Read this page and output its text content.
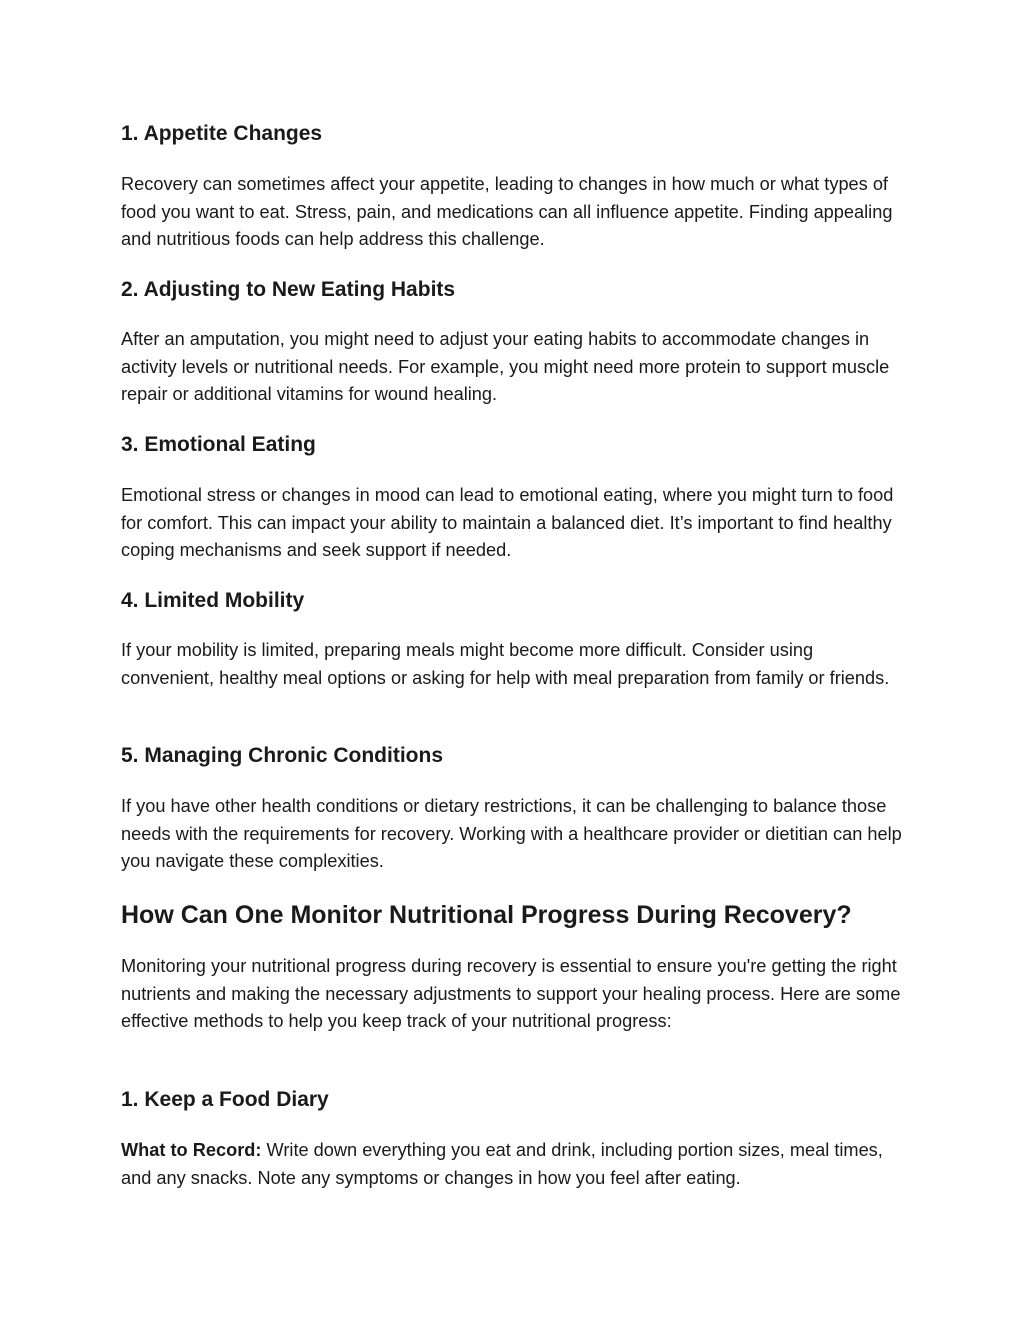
1. Appetite Changes

Recovery can sometimes affect your appetite, leading to changes in how much or what types of food you want to eat. Stress, pain, and medications can all influence appetite. Finding appealing and nutritious foods can help address this challenge.

2. Adjusting to New Eating Habits

After an amputation, you might need to adjust your eating habits to accommodate changes in activity levels or nutritional needs. For example, you might need more protein to support muscle repair or additional vitamins for wound healing.

3. Emotional Eating

Emotional stress or changes in mood can lead to emotional eating, where you might turn to food for comfort. This can impact your ability to maintain a balanced diet. It’s important to find healthy coping mechanisms and seek support if needed.

4. Limited Mobility

If your mobility is limited, preparing meals might become more difficult. Consider using convenient, healthy meal options or asking for help with meal preparation from family or friends.

5. Managing Chronic Conditions

If you have other health conditions or dietary restrictions, it can be challenging to balance those needs with the requirements for recovery. Working with a healthcare provider or dietitian can help you navigate these complexities.

How Can One Monitor Nutritional Progress During Recovery?

Monitoring your nutritional progress during recovery is essential to ensure you're getting the right nutrients and making the necessary adjustments to support your healing process. Here are some effective methods to help you keep track of your nutritional progress:

1. Keep a Food Diary

What to Record: Write down everything you eat and drink, including portion sizes, meal times, and any snacks. Note any symptoms or changes in how you feel after eating.
